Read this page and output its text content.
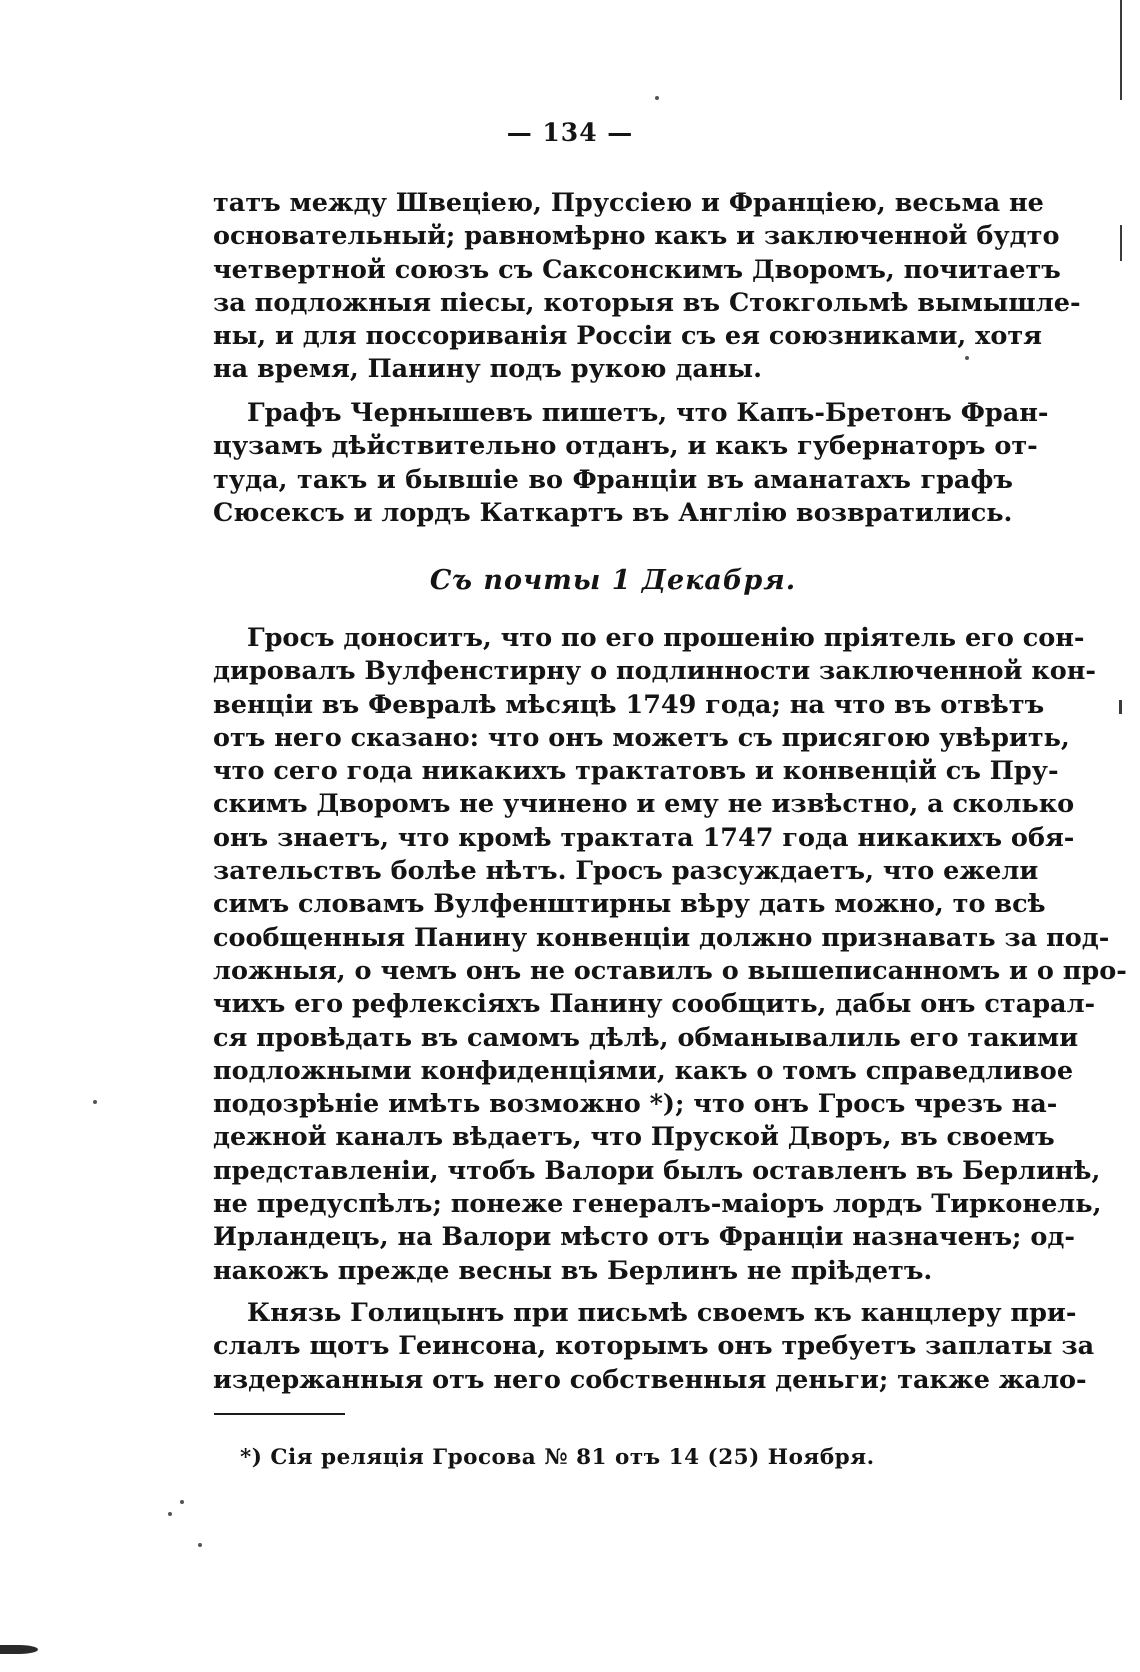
— 134 —
татъ между Швеціею, Пруссіею и Франціею, весьма не
основательный; равномѣрно какъ и заключенной будто
четвертной союзъ съ Саксонскимъ Дворомъ, почитаетъ
за подложныя піесы, которыя въ Стокгольмѣ вымышле-
ны, и для поссориванія Россіи съ ея союзниками, хотя
на время, Панину подъ рукою даны.
Графъ Чернышевъ пишетъ, что Капъ-Бретонъ Фран-
цузамъ дѣйствительно отданъ, и какъ губернаторъ от-
туда, такъ и бывшіе во Франціи въ аманатахъ графъ
Сюсексъ и лордъ Каткартъ въ Англію возвратились.
Съ почты 1 Декабря.
Гросъ доноситъ, что по его прошенію пріятель его сон-
дировалъ Вулфенстирну о подлинности заключенной кон-
венціи въ Февралѣ мѣсяцѣ 1749 года; на что въ отвѣтъ
отъ него сказано: что онъ можетъ съ присягою увѣрить,
что сего года никакихъ трактатовъ и конвенцій съ Пру-
скимъ Дворомъ не учинено и ему не извѣстно, а сколько
онъ знаетъ, что кромѣ трактата 1747 года никакихъ обя-
зательствъ болѣе нѣтъ. Гросъ разсуждаетъ, что ежели
симъ словамъ Вулфенштирны вѣру дать можно, то всѣ
сообщенныя Панину конвенціи должно признавать за под-
ложныя, о чемъ онъ не оставилъ о вышеписанномъ и о про-
чихъ его рефлексіяхъ Панину сообщить, дабы онъ старал-
ся провѣдать въ самомъ дѣлѣ, обманывалиль его такими
подложными конфиденціями, какъ о томъ справедливое
подозрѣніе имѣть возможно *); что онъ Гросъ чрезъ на-
дежной каналъ вѣдаетъ, что Пруской Дворъ, въ своемъ
представленіи, чтобъ Валори былъ оставленъ въ Берлинѣ,
не предуспѣлъ; понеже генералъ-маіоръ лордъ Тирконель,
Ирландецъ, на Валори мѣсто отъ Франціи назначенъ; од-
накожъ прежде весны въ Берлинъ не пріѣдетъ.
Князь Голицынъ при письмѣ своемъ къ канцлеру при-
слалъ щотъ Геинсона, которымъ онъ требуетъ заплаты за
издержанныя отъ него собственныя деньги; также жало-
*) Сія реляція Гросова № 81 отъ 14 (25) Ноября.
